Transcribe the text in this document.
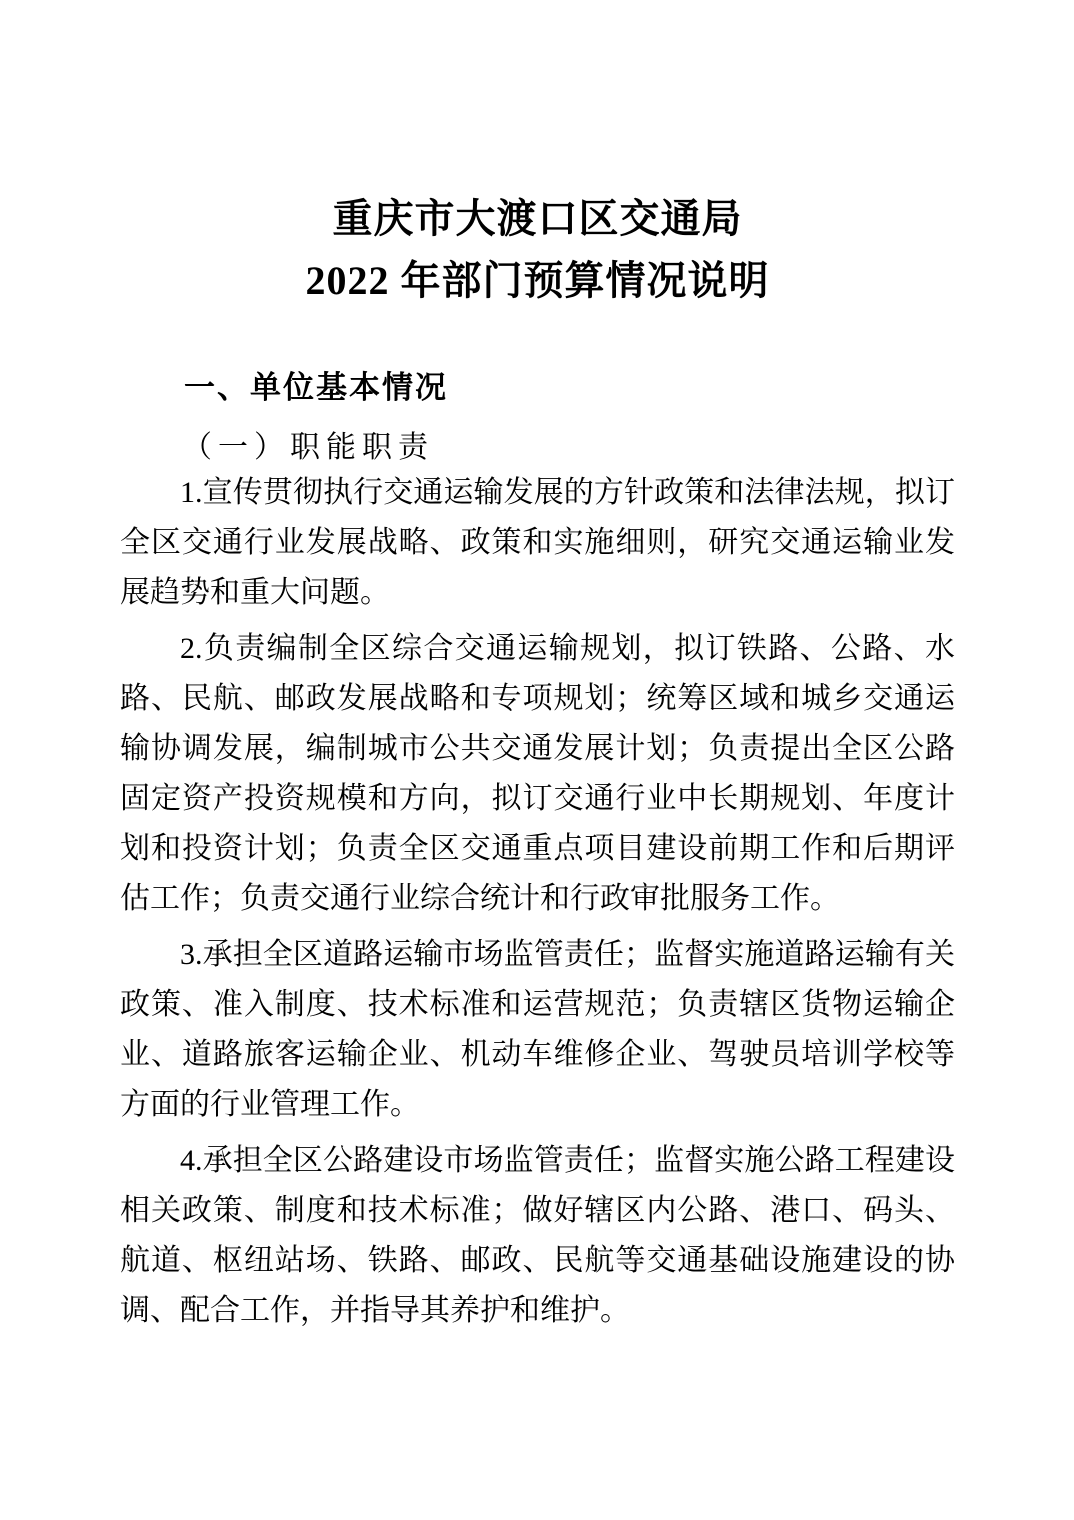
重庆市大渡口区交通局
2022 年部门预算情况说明
一、单位基本情况

（一）职能职责

1.宣传贯彻执行交通运输发展的方针政策和法律法规，拟订全区交通行业发展战略、政策和实施细则，研究交通运输业发展趋势和重大问题。

2.负责编制全区综合交通运输规划，拟订铁路、公路、水路、民航、邮政发展战略和专项规划；统筹区域和城乡交通运输协调发展，编制城市公共交通发展计划；负责提出全区公路固定资产投资规模和方向，拟订交通行业中长期规划、年度计划和投资计划；负责全区交通重点项目建设前期工作和后期评估工作；负责交通行业综合统计和行政审批服务工作。

3.承担全区道路运输市场监管责任；监督实施道路运输有关政策、准入制度、技术标准和运营规范；负责辖区货物运输企业、道路旅客运输企业、机动车维修企业、驾驶员培训学校等方面的行业管理工作。

4.承担全区公路建设市场监管责任；监督实施公路工程建设相关政策、制度和技术标准；做好辖区内公路、港口、码头、航道、枢纽站场、铁路、邮政、民航等交通基础设施建设的协调、配合工作，并指导其养护和维护。
